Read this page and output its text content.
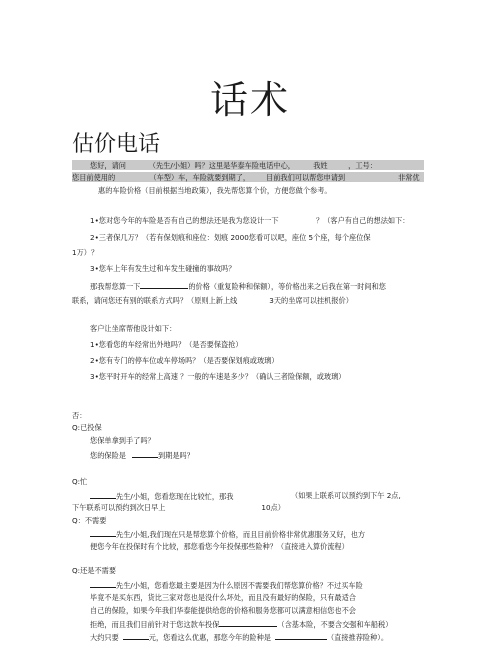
话术
估价电话
您好，请问          （先生/小姐）吗？这里是华泰车险电话中心，        我姓         ，工号：
您目前使用的               （车型）车，车险就要到期了，       目前我们可以帮您申请到	非常优
惠的车险价格（目前根据当地政策），我先帮您算个价，方便您做个参考。
1•您对您今年的车险是否有自己的想法还是我为您设计一下	？（客户有自己的想法如下：
2•三者保几万？（若有保划痕和座位：划痕 2000您看可以吧，座位 5个座，每个座位保
1万）？
3•您车上年有发生过和车发生碰撞的事故吗？
那我帮您算一下	的价格（重复险种和保额），等价格出来之后我在第一时间和您
联系，请问您还有别的联系方式吗？（原则上新上线              3天的坐席可以挂机报价）
客户让坐席帮他设计如下：
1•您看您的车经常出外地吗？（是否要保盗抢）
2•您有专门的停车位或车停场吗？（是否要保划痕或玻璃）
3•您平时开车的经常上高速 ？一般的车速是多少？（确认三者险保额，或玻璃）
否：
Q:已投保
您保单拿到手了吗？
您的保险是	到期是吗？
Q:忙
先生/小姐，您看您现在比较忙，那我	（如果上联系可以预约到下午 2点,
下午联系可以预约到次日早上                                          10点）
Q：不需要
先生/小姐,我们现在只是帮您算个价格，而且目前价格非常优惠服务又好，也方
便您今年在投保时有个比较，那您看您今年投保那些险种？（直接进入算价流程）
Q:还是不需要
先生/小姐，您看您最主要是因为什么原因不需要我们帮您算价格？不过买车险
毕竟不是买东西，货比三家对您也是没什么坏处，而且没有最好的保险，只有最适合
自己的保险，如果今年我们华泰能提供给您的价格和服务您都可以满意相信您也不会
拒绝，而且我们目前针对于您这款车投保	（含基本险，不要含交强和车船税）
大约只要	元，您看这么优惠，那您今年的险种是	（直接推荐险种）。
